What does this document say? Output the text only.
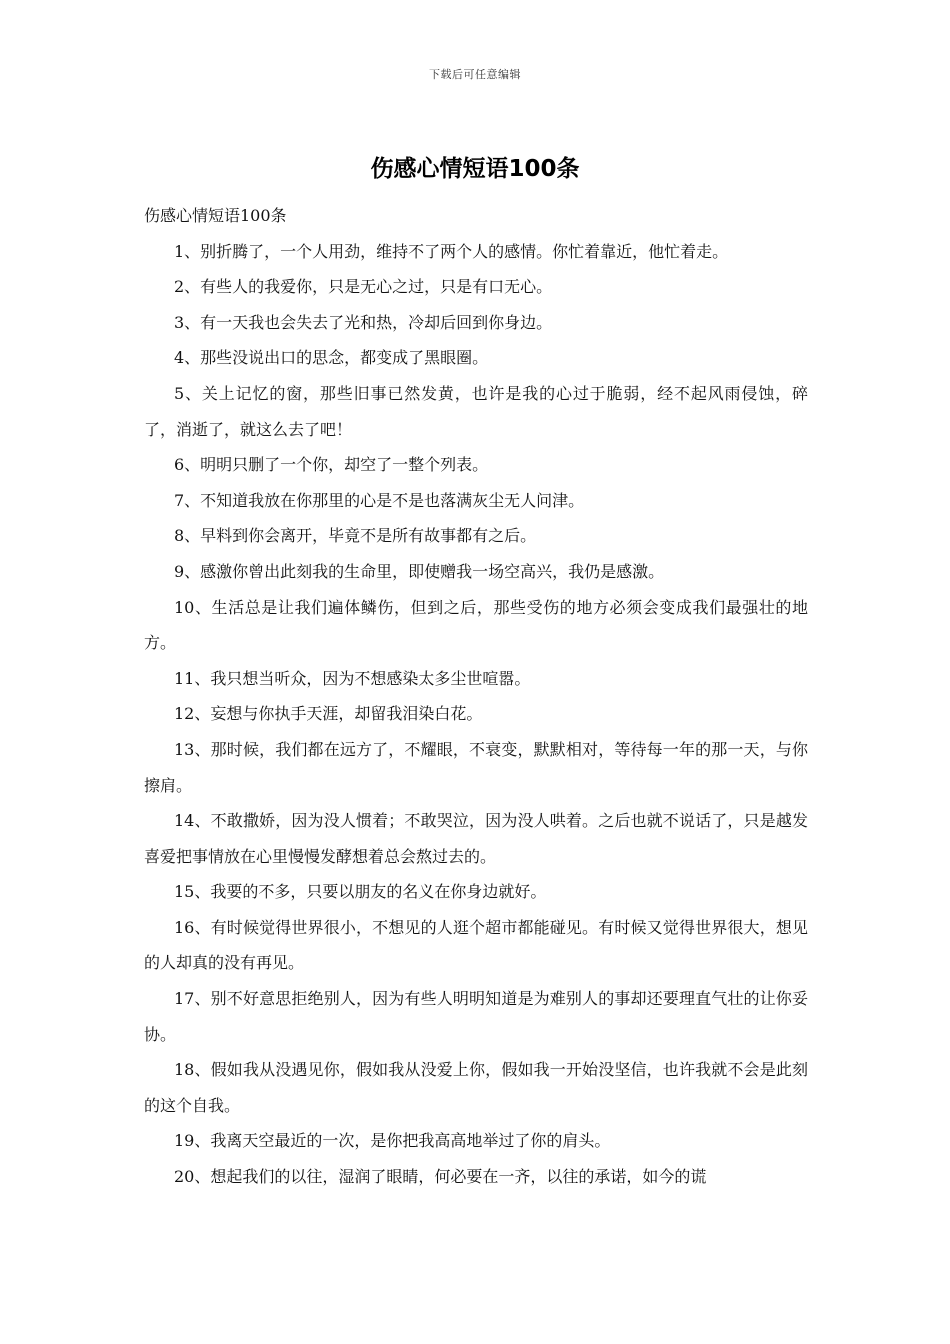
下载后可任意编辑
伤感心情短语100条

伤感心情短语100条

1、别折腾了，一个人用劲，维持不了两个人的感情。你忙着靠近，他忙着走。
2、有些人的我爱你，只是无心之过，只是有口无心。
3、有一天我也会失去了光和热，冷却后回到你身边。
4、那些没说出口的思念，都变成了黑眼圈。
5、关上记忆的窗，那些旧事已然发黄，也许是我的心过于脆弱，经不起风雨侵蚀，碎了，消逝了，就这么去了吧！
6、明明只删了一个你，却空了一整个列表。
7、不知道我放在你那里的心是不是也落满灰尘无人问津。
8、早料到你会离开，毕竟不是所有故事都有之后。
9、感激你曾出此刻我的生命里，即使赠我一场空高兴，我仍是感激。
10、生活总是让我们遍体鳞伤，但到之后，那些受伤的地方必须会变成我们最强壮的地方。
11、我只想当听众，因为不想感染太多尘世喧嚣。
12、妄想与你执手天涯，却留我泪染白花。
13、那时候，我们都在远方了，不耀眼，不衰变，默默相对，等待每一年的那一天，与你擦肩。
14、不敢撒娇，因为没人惯着；不敢哭泣，因为没人哄着。之后也就不说话了，只是越发喜爱把事情放在心里慢慢发酵想着总会熬过去的。
15、我要的不多，只要以朋友的名义在你身边就好。
16、有时候觉得世界很小，不想见的人逛个超市都能碰见。有时候又觉得世界很大，想见的人却真的没有再见。
17、别不好意思拒绝别人，因为有些人明明知道是为难别人的事却还要理直气壮的让你妥协。
18、假如我从没遇见你，假如我从没爱上你，假如我一开始没坚信，也许我就不会是此刻的这个自我。
19、我离天空最近的一次，是你把我高高地举过了你的肩头。
20、想起我们的以往，湿润了眼睛，何必要在一齐，以往的承诺，如今的谎
